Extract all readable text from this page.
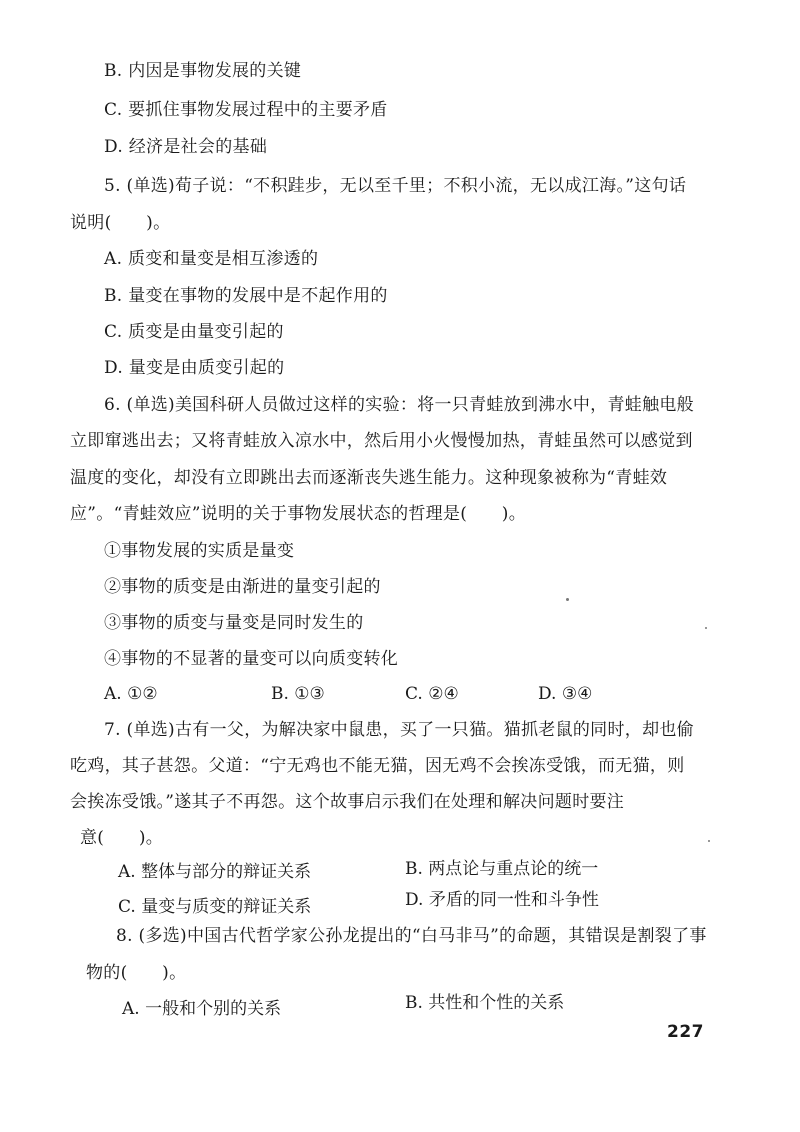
B. 内因是事物发展的关键
C. 要抓住事物发展过程中的主要矛盾
D. 经济是社会的基础
5. (单选)荀子说：“不积跬步，无以至千里；不积小流，无以成江海。”这句话
说明(　　)。
A. 质变和量变是相互渗透的
B. 量变在事物的发展中是不起作用的
C. 质变是由量变引起的
D. 量变是由质变引起的
6. (单选)美国科研人员做过这样的实验：将一只青蛙放到沸水中，青蛙触电般
立即窜逃出去；又将青蛙放入凉水中，然后用小火慢慢加热，青蛙虽然可以感觉到
温度的变化，却没有立即跳出去而逐渐丧失逃生能力。这种现象被称为“青蛙效
应”。“青蛙效应”说明的关于事物发展状态的哲理是(　　)。
①事物发展的实质是量变
②事物的质变是由渐进的量变引起的
③事物的质变与量变是同时发生的
④事物的不显著的量变可以向质变转化
A. ①②	B. ①③	C. ②④	D. ③④
7. (单选)古有一父，为解决家中鼠患，买了一只猫。猫抓老鼠的同时，却也偷
吃鸡，其子甚怨。父道：“宁无鸡也不能无猫，因无鸡不会挨冻受饿，而无猫，则
会挨冻受饿。”遂其子不再怨。这个故事启示我们在处理和解决问题时要注
意(　　)。
A. 整体与部分的辩证关系	B. 两点论与重点论的统一
C. 量变与质变的辩证关系	D. 矛盾的同一性和斗争性
8. (多选)中国古代哲学家公孙龙提出的“白马非马”的命题，其错误是割裂了事
物的(　　)。
A. 一般和个别的关系	B. 共性和个性的关系
227
